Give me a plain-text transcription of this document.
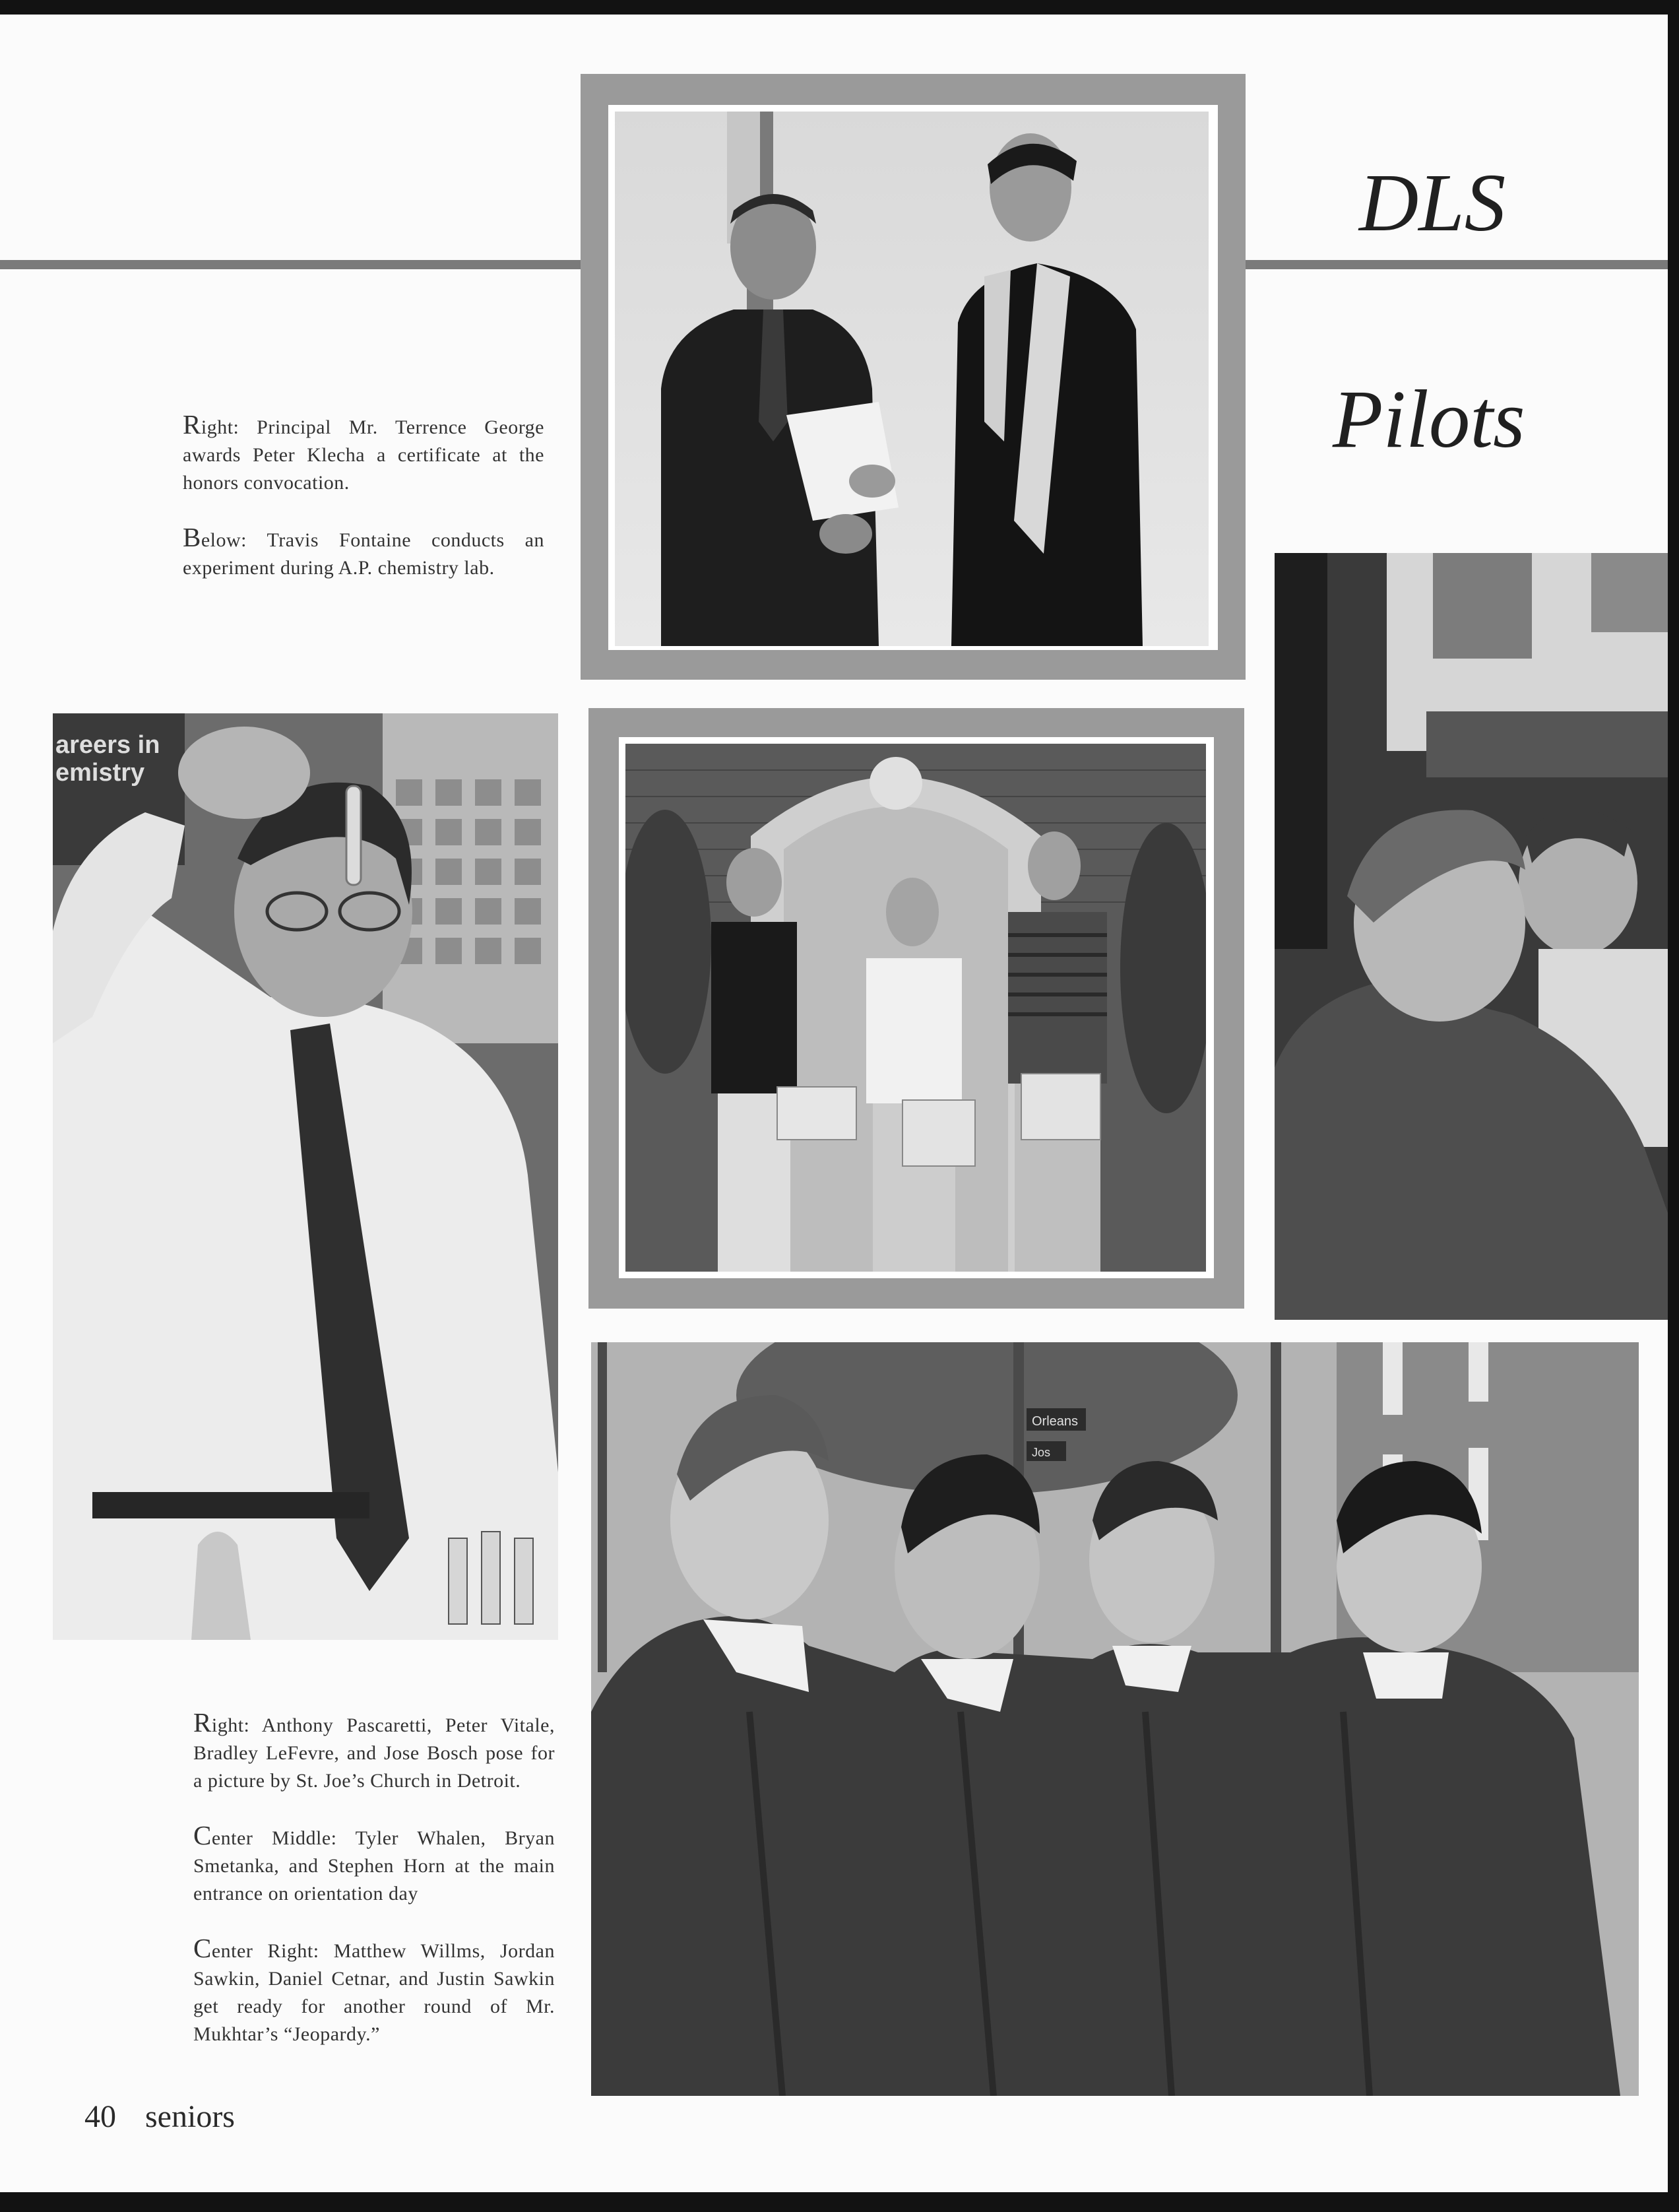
DLS
Pilots

Right: Principal Mr. Terrence George awards Peter Klecha a certificate at the honors convocation.

Below: Travis Fontaine conducts an experiment during A.P. chemistry lab.

areers in emistry
Orleans
Jos

Right: Anthony Pascaretti, Peter Vitale, Bradley LeFevre, and Jose Bosch pose for a picture by St. Joe’s Church in Detroit.

Center Middle: Tyler Whalen, Bryan Smetanka, and Stephen Horn at the main entrance on orientation day

Center Right: Matthew Willms, Jordan Sawkin, Daniel Cetnar, and Justin Sawkin get ready for another round of Mr. Mukhtar’s “Jeopardy.”

40 seniors
